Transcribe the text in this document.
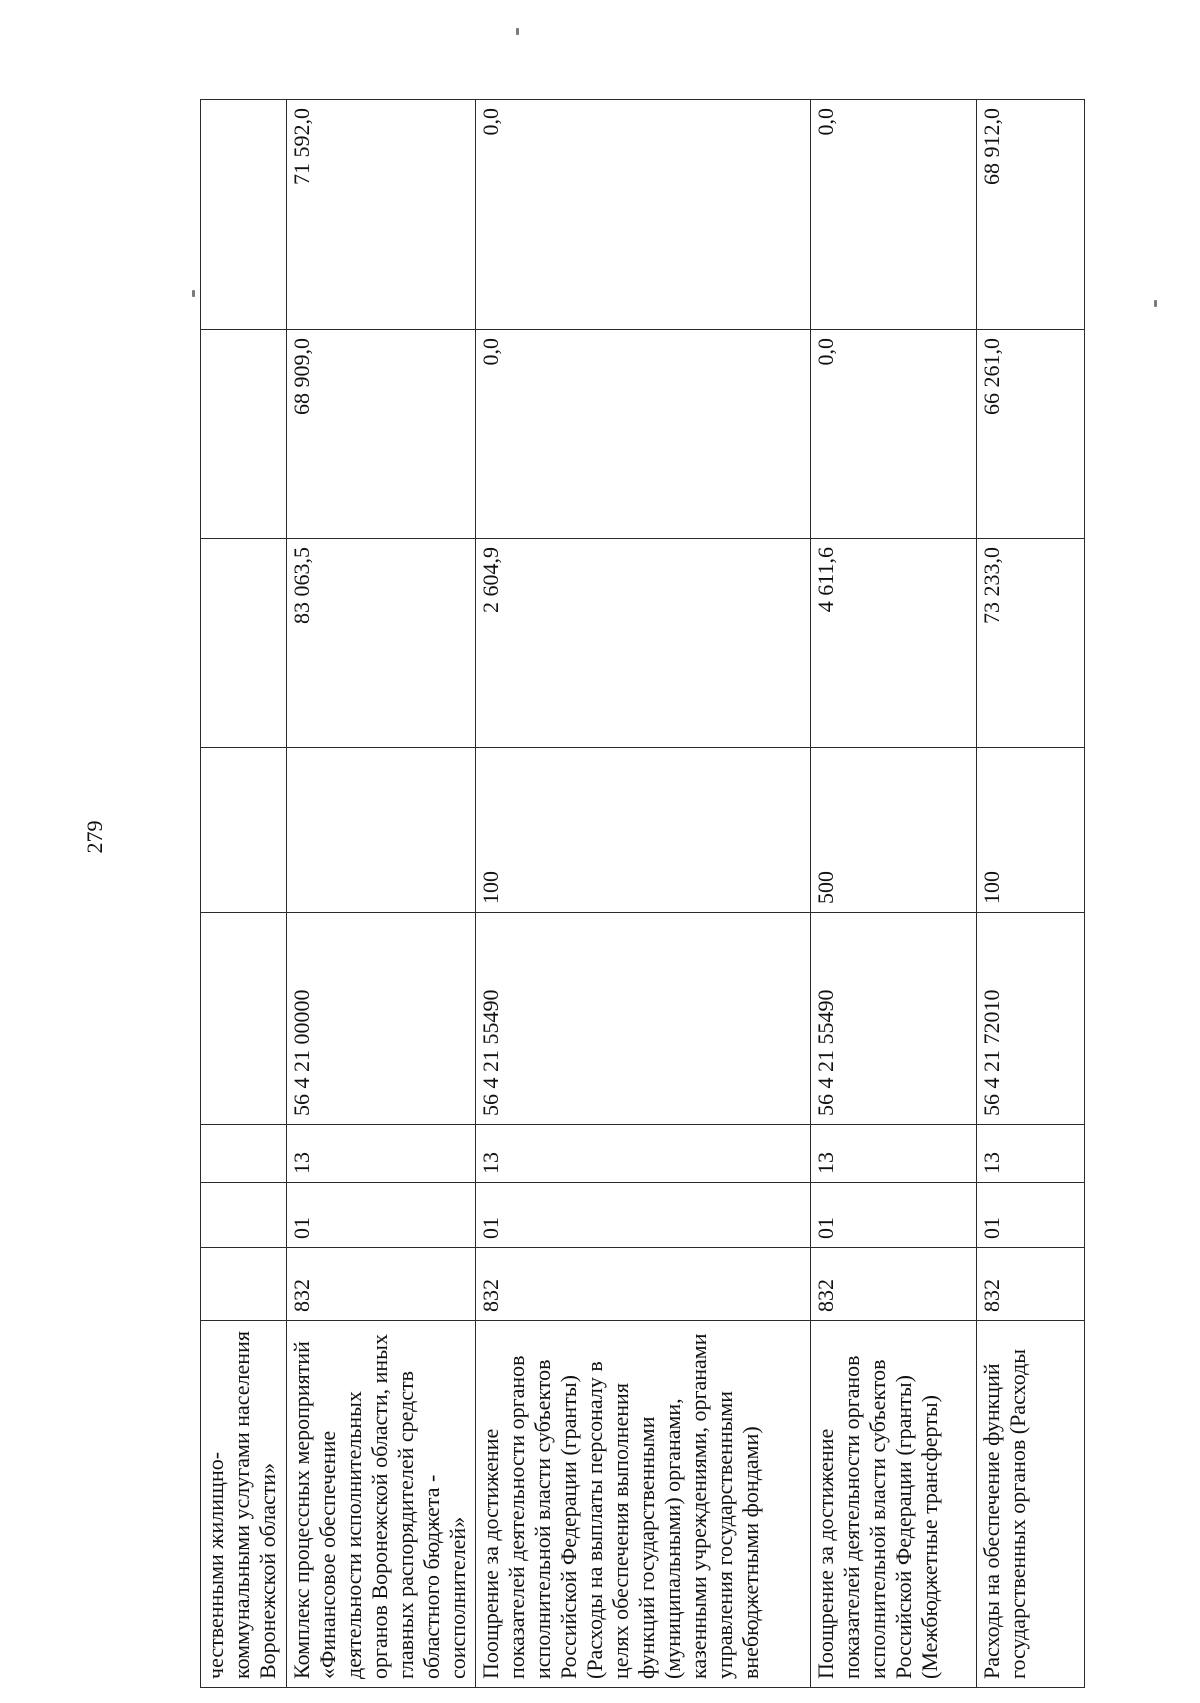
279
чественными жилищно-коммунальными услугами населения Воронежской области»								
Комплекс процессных мероприятий «Финансовое обеспечение деятельности исполнительных органов Воронежской области, иных главных распорядителей средств областного бюджета - соисполнителей»	832	01	13	56 4 21 00000		83 063,5	68 909,0	71 592,0
Поощрение за достижение показателей деятельности органов исполнительной власти субъектов Российской Федерации (гранты) (Расходы на выплаты персоналу в целях обеспечения выполнения функций государственными (муниципальными) органами, казенными учреждениями, органами управления государственными внебюджетными фондами)	832	01	13	56 4 21 55490	100	2 604,9	0,0	0,0
Поощрение за достижение показателей деятельности органов исполнительной власти субъектов Российской Федерации (гранты) (Межбюджетные трансферты)	832	01	13	56 4 21 55490	500	4 611,6	0,0	0,0
Расходы на обеспечение функций государственных органов (Расходы	832	01	13	56 4 21 72010	100	73 233,0	66 261,0	68 912,0
